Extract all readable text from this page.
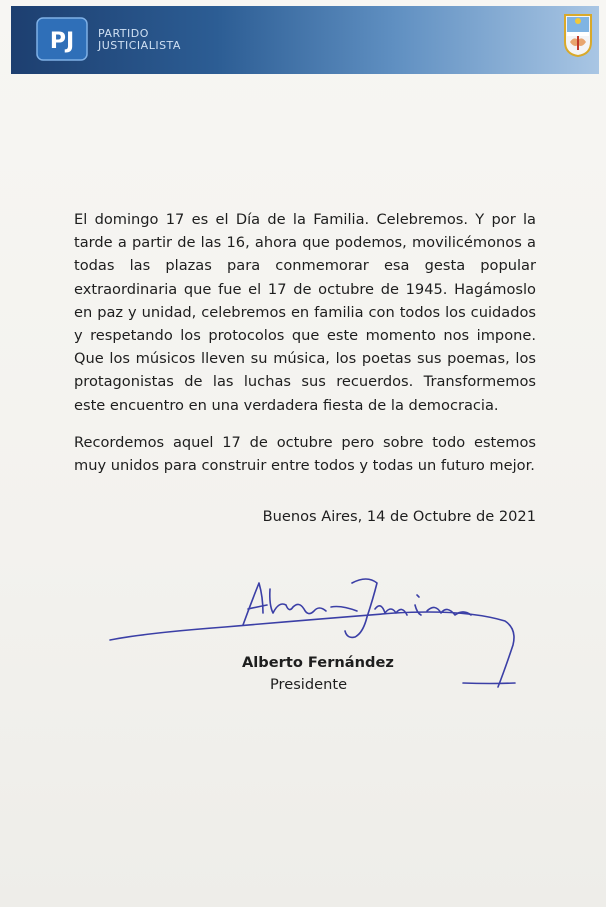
PJ PARTIDO
JUSTICIALISTA

El domingo 17 es el Día de la Familia. Celebremos. Y por la tarde a partir de las 16, ahora que podemos, movilicémonos a todas las plazas para conmemorar esa gesta popular extraordinaria que fue el 17 de octubre de 1945. Hagámoslo en paz y unidad, celebremos en familia con todos los cuidados y respetando los protocolos que este momento nos impone. Que los músicos lleven su música, los poetas sus poemas, los protagonistas de las luchas sus recuerdos. Transformemos este encuentro en una verdadera fiesta de la democracia.

Recordemos aquel 17 de octubre pero sobre todo estemos muy unidos para construir entre todos y todas un futuro mejor.

Buenos Aires, 14 de Octubre de 2021
Alberto Fernández
Presidente
